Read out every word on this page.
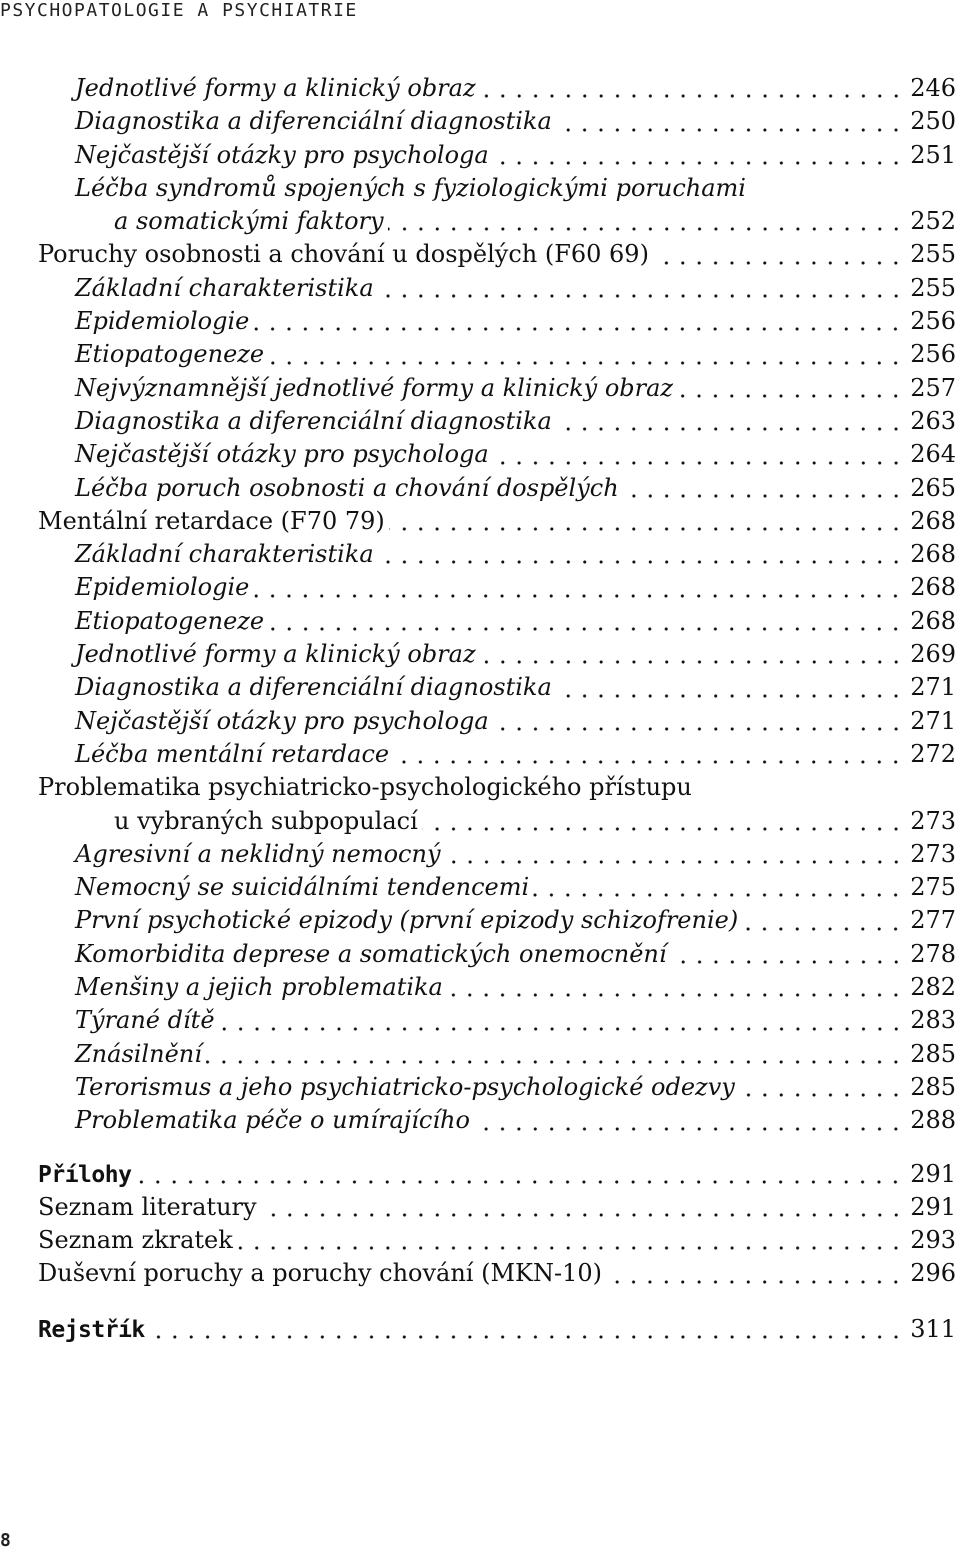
PSYCHOPATOLOGIE A PSYCHIATRIE
Jednotlivé formy a klinický obraz	246
Diagnostika a diferenciální diagnostika	250
Nejčastější otázky pro psychologa	251
Léčba syndromů spojených s fyziologickými poruchami
a somatickými faktory	252
Poruchy osobnosti a chování u dospělých (F60 69)	255
Základní charakteristika	255
Epidemiologie	256
Etiopatogeneze	256
Nejvýznamnější jednotlivé formy a klinický obraz	257
Diagnostika a diferenciální diagnostika	263
Nejčastější otázky pro psychologa	264
Léčba poruch osobnosti a chování dospělých	265
Mentální retardace (F70 79)	268
Základní charakteristika	268
Epidemiologie	268
Etiopatogeneze	268
Jednotlivé formy a klinický obraz	269
Diagnostika a diferenciální diagnostika	271
Nejčastější otázky pro psychologa	271
Léčba mentální retardace	272
Problematika psychiatricko-psychologického přístupu
u vybraných subpopulací	273
Agresivní a neklidný nemocný	273
Nemocný se suicidálními tendencemi	275
První psychotické epizody (první epizody schizofrenie)	277
Komorbidita deprese a somatických onemocnění	278
Menšiny a jejich problematika	282
Týrané dítě	283
Znásilnění	285
Terorismus a jeho psychiatricko-psychologické odezvy	285
Problematika péče o umírajícího	288
Přílohy	291
Seznam literatury	291
Seznam zkratek	293
Duševní poruchy a poruchy chování (MKN-10)	296
Rejstřík	311
8
